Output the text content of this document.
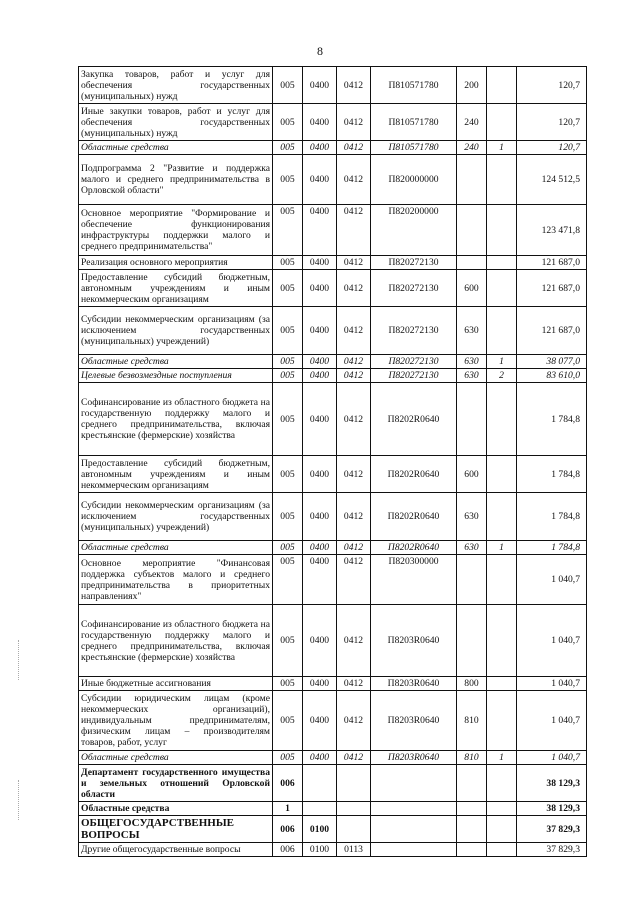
8
Закупка товаров, работ и услуг для обеспечения государственных (муниципальных) нужд	005	0400	0412	П810571780	200		120,7
Иные закупки товаров, работ и услуг для обеспечения государственных (муниципальных) нужд	005	0400	0412	П810571780	240		120,7
Областные средства	005	0400	0412	П810571780	240	1	120,7
Подпрограмма 2 "Развитие и поддержка малого и среднего предпринимательства в Орловской области"	005	0400	0412	П820000000			124 512,5
Основное мероприятие "Формирование и обеспечение функционирования инфраструктуры поддержки малого и среднего предпринимательства"	005	0400	0412	П820200000			123 471,8
Реализация основного мероприятия	005	0400	0412	П820272130			121 687,0
Предоставление субсидий бюджетным, автономным учреждениям и иным некоммерческим организациям	005	0400	0412	П820272130	600		121 687,0
Субсидии некоммерческим организациям (за исключением государственных (муниципальных) учреждений)	005	0400	0412	П820272130	630		121 687,0
Областные средства	005	0400	0412	П820272130	630	1	38 077,0
Целевые безвозмездные поступления	005	0400	0412	П820272130	630	2	83 610,0
Софинансирование из областного бюджета на государственную поддержку малого и среднего предпринимательства, включая крестьянские (фермерские) хозяйства	005	0400	0412	П8202R0640			1 784,8
Предоставление субсидий бюджетным, автономным учреждениям и иным некоммерческим организациям	005	0400	0412	П8202R0640	600		1 784,8
Субсидии некоммерческим организациям (за исключением государственных (муниципальных) учреждений)	005	0400	0412	П8202R0640	630		1 784,8
Областные средства	005	0400	0412	П8202R0640	630	1	1 784,8
Основное мероприятие "Финансовая поддержка субъектов малого и среднего предпринимательства в приоритетных направлениях"	005	0400	0412	П820300000			1 040,7
Софинансирование из областного бюджета на государственную поддержку малого и среднего предпринимательства, включая крестьянские (фермерские) хозяйства	005	0400	0412	П8203R0640			1 040,7
Иные бюджетные ассигнования	005	0400	0412	П8203R0640	800		1 040,7
Субсидии юридическим лицам (кроме некоммерческих организаций), индивидуальным предпринимателям, физическим лицам – производителям товаров, работ, услуг	005	0400	0412	П8203R0640	810		1 040,7
Областные средства	005	0400	0412	П8203R0640	810	1	1 040,7
Департамент государственного имущества и земельных отношений Орловской области	006						38 129,3
Областные средства	1						38 129,3
ОБЩЕГОСУДАРСТВЕННЫЕ ВОПРОСЫ	006	0100					37 829,3
Другие общегосударственные вопросы	006	0100	0113				37 829,3
